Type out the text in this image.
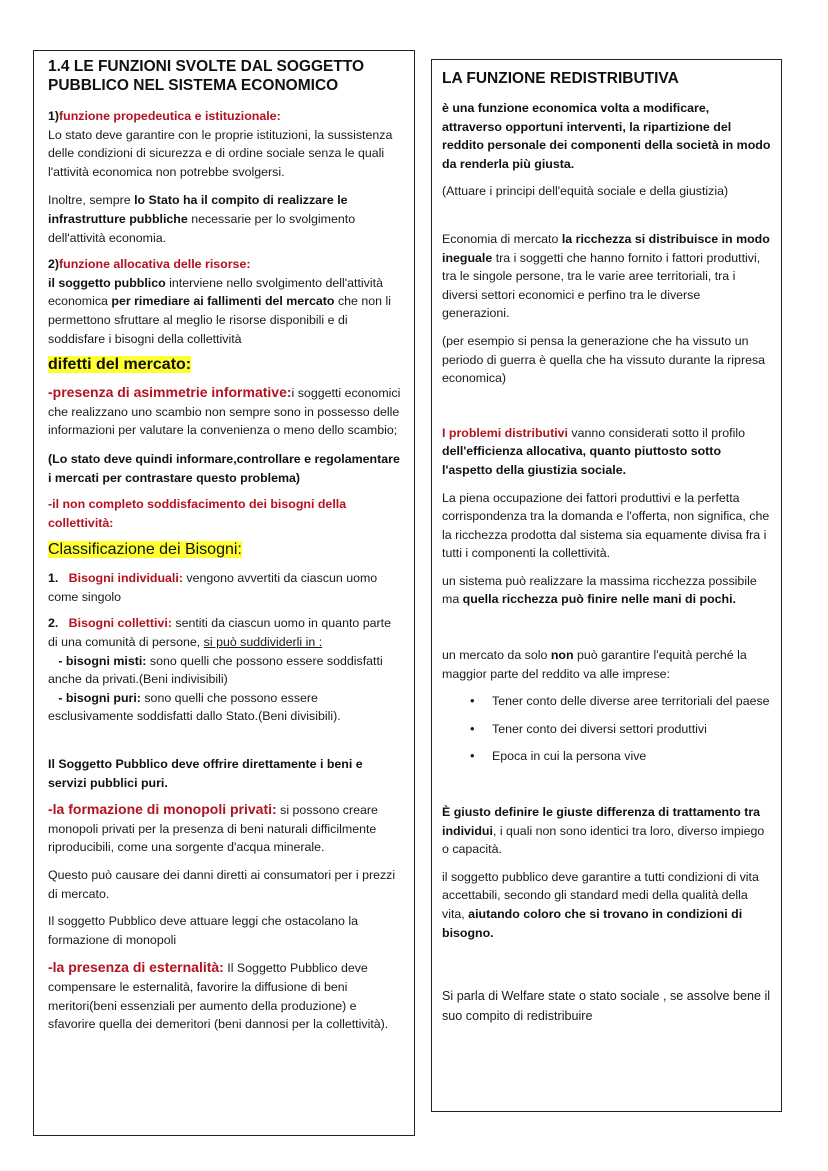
1.4 LE FUNZIONI SVOLTE DAL SOGGETTO PUBBLICO NEL SISTEMA ECONOMICO

1)funzione propedeutica e istituzionale:
Lo stato deve garantire con le proprie istituzioni, la sussistenza delle condizioni di sicurezza e di ordine sociale senza le quali l'attività economica non potrebbe svolgersi.

Inoltre, sempre lo Stato ha il compito di realizzare le infrastrutture pubbliche necessarie per lo svolgimento dell'attività economia.

2)funzione allocativa delle risorse:
il soggetto pubblico interviene nello svolgimento dell'attività economica per rimediare ai fallimenti del mercato che non li permettono sfruttare al meglio le risorse disponibili e di soddisfare i bisogni della collettività

difetti del mercato:

-presenza di asimmetrie informative:i soggetti economici che realizzano uno scambio non sempre sono in possesso delle informazioni per valutare la convenienza o meno dello scambio;

(Lo stato deve quindi informare,controllare e regolamentare i mercati per contrastare questo problema)

-il non completo soddisfacimento dei bisogni della collettività:

Classificazione dei Bisogni:

1. Bisogni individuali: vengono avvertiti da ciascun uomo come singolo

2. Bisogni collettivi: sentiti da ciascun uomo in quanto parte di una comunità di persone, si può suddividerli in :
- bisogni misti: sono quelli che possono essere soddisfatti anche da privati.(Beni indivisibili)
- bisogni puri: sono quelli che possono essere esclusivamente soddisfatti dallo Stato.(Beni divisibili).

Il Soggetto Pubblico deve offrire direttamente i beni e servizi pubblici puri.

-la formazione di monopoli privati: si possono creare monopoli privati per la presenza di beni naturali difficilmente riproducibili, come una sorgente d'acqua minerale.

Questo può causare dei danni diretti ai consumatori per i prezzi di mercato.

Il soggetto Pubblico deve attuare leggi che ostacolano la formazione di monopoli

-la presenza di esternalità: Il Soggetto Pubblico deve compensare le esternalità, favorire la diffusione di beni meritori(beni essenziali per aumento della produzione) e sfavorire quella dei demeritori (beni dannosi per la collettività).

LA FUNZIONE REDISTRIBUTIVA

è una funzione economica volta a modificare, attraverso opportuni interventi, la ripartizione del reddito personale dei componenti della società in modo da renderla più giusta.

(Attuare i principi dell'equità sociale e della giustizia)

Economia di mercato la ricchezza si distribuisce in modo ineguale tra i soggetti che hanno fornito i fattori produttivi, tra le singole persone, tra le varie aree territoriali, tra i diversi settori economici e perfino tra le diverse generazioni.

(per esempio si pensa la generazione che ha vissuto un periodo di guerra è quella che ha vissuto durante la ripresa economica)

I problemi distributivi vanno considerati sotto il profilo dell'efficienza allocativa, quanto piuttosto sotto l'aspetto della giustizia sociale.

La piena occupazione dei fattori produttivi e la perfetta corrispondenza tra la domanda e l'offerta, non significa, che la ricchezza prodotta dal sistema sia equamente divisa fra i tutti i componenti la collettività.

un sistema può realizzare la massima ricchezza possibile ma quella ricchezza può finire nelle mani di pochi.

un mercato da solo non può garantire l'equità perché la maggior parte del reddito va alle imprese:

• Tener conto delle diverse aree territoriali del paese
• Tener conto dei diversi settori produttivi
• Epoca in cui la persona vive

È giusto definire le giuste differenza di trattamento tra individui, i quali non sono identici tra loro, diverso impiego o capacità.

il soggetto pubblico deve garantire a tutti condizioni di vita accettabili, secondo gli standard medi della qualità della vita, aiutando coloro che si trovano in condizioni di bisogno.

Si parla di Welfare state o stato sociale , se assolve bene il suo compito di redistribuire
